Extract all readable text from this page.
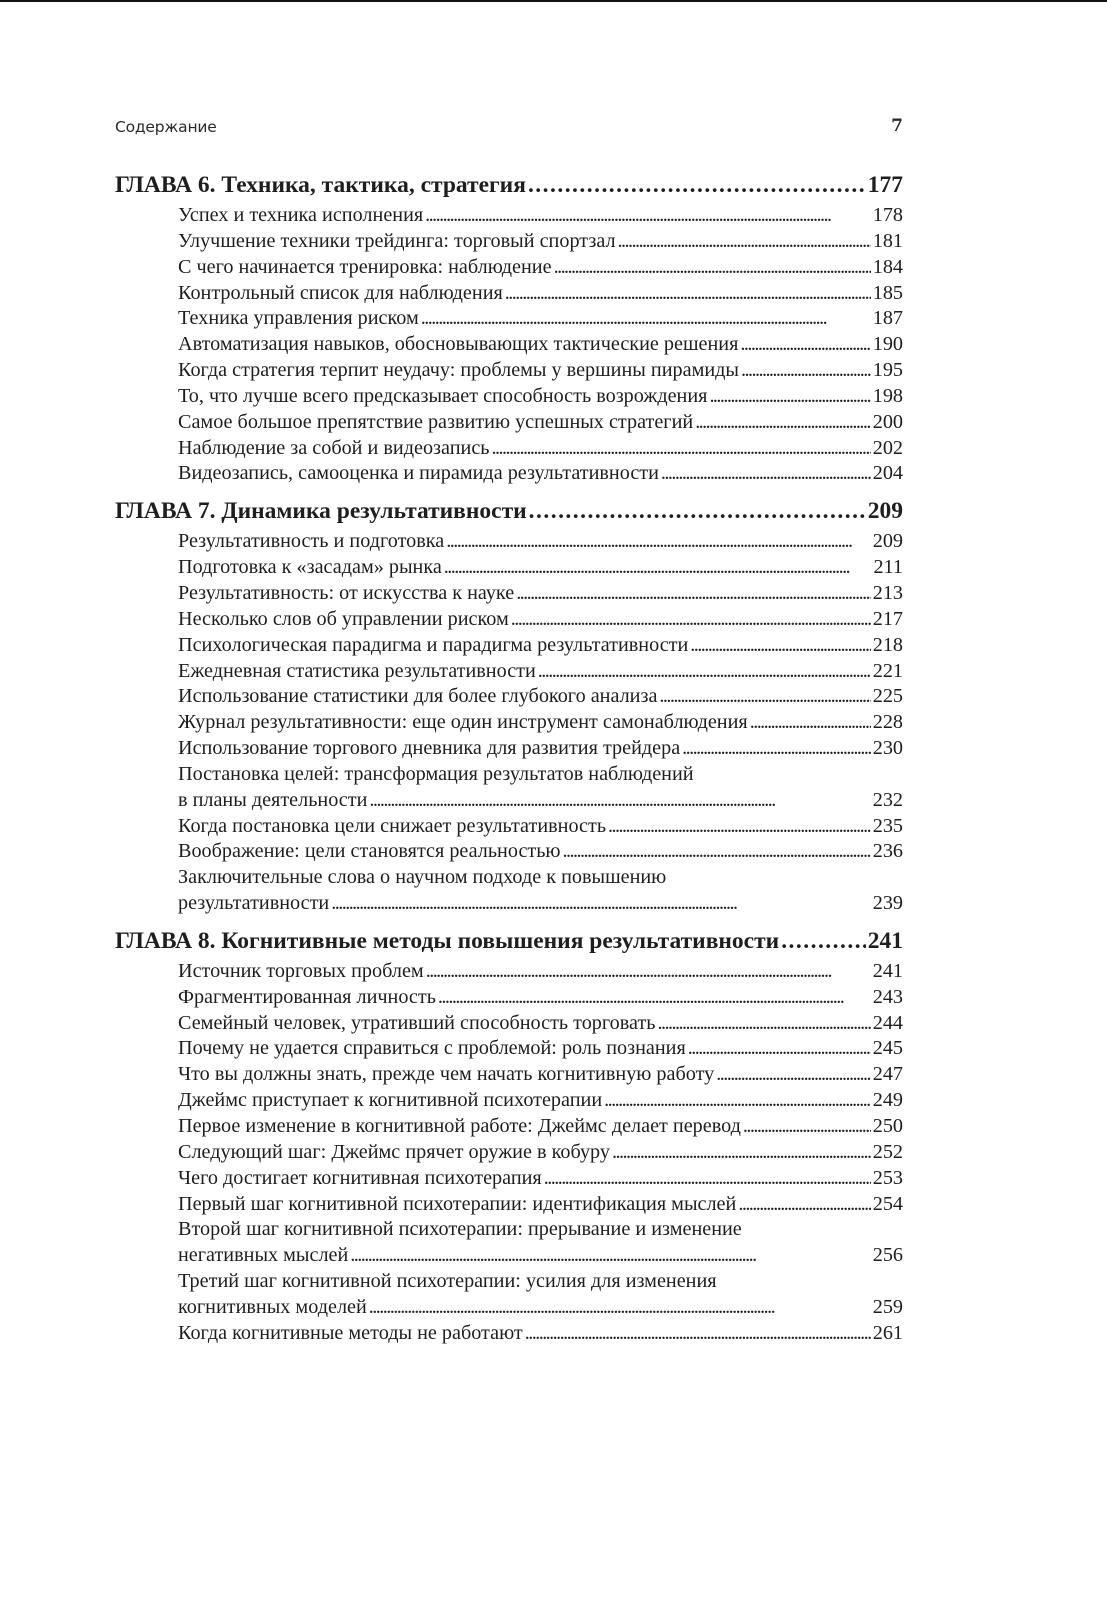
Содержание	7
ГЛАВА 6. Техника, тактика, стратегия . . .	177
Успех и техника исполнения . . .	178
Улучшение техники трейдинга: торговый спортзал . . .	181
С чего начинается тренировка: наблюдение . . .	184
Контрольный список для наблюдения . . .	185
Техника управления риском . . .	187
Автоматизация навыков, обосновывающих тактические решения . . .	190
Когда стратегия терпит неудачу: проблемы у вершины пирамиды . . .	195
То, что лучше всего предсказывает способность возрождения . . .	198
Самое большое препятствие развитию успешных стратегий . . .	200
Наблюдение за собой и видеозапись . . .	202
Видеозапись, самооценка и пирамида результативности . . .	204
ГЛАВА 7. Динамика результативности . . .	209
Результативность и подготовка . . .	209
Подготовка к «засадам» рынка . . .	211
Результативность: от искусства к науке . . .	213
Несколько слов об управлении риском . . .	217
Психологическая парадигма и парадигма результативности . . .	218
Ежедневная статистика результативности . . .	221
Использование статистики для более глубокого анализа . . .	225
Журнал результативности: еще один инструмент самонаблюдения . . .	228
Использование торгового дневника для развития трейдера . . .	230
Постановка целей: трансформация результатов наблюдений
в планы деятельности . . .	232
Когда постановка цели снижает результативность . . .	235
Воображение: цели становятся реальностью . . .	236
Заключительные слова о научном подходе к повышению
результативности . . .	239
ГЛАВА 8. Когнитивные методы повышения результативности . . .	241
Источник торговых проблем . . .	241
Фрагментированная личность . . .	243
Семейный человек, утративший способность торговать . . .	244
Почему не удается справиться с проблемой: роль познания . . .	245
Что вы должны знать, прежде чем начать когнитивную работу . . .	247
Джеймс приступает к когнитивной психотерапии . . .	249
Первое изменение в когнитивной работе: Джеймс делает перевод . . .	250
Следующий шаг: Джеймс прячет оружие в кобуру . . .	252
Чего достигает когнитивная психотерапия . . .	253
Первый шаг когнитивной психотерапии: идентификация мыслей . . .	254
Второй шаг когнитивной психотерапии: прерывание и изменение
негативных мыслей . . .	256
Третий шаг когнитивной психотерапии: усилия для изменения
когнитивных моделей . . .	259
Когда когнитивные методы не работают . . .	261
